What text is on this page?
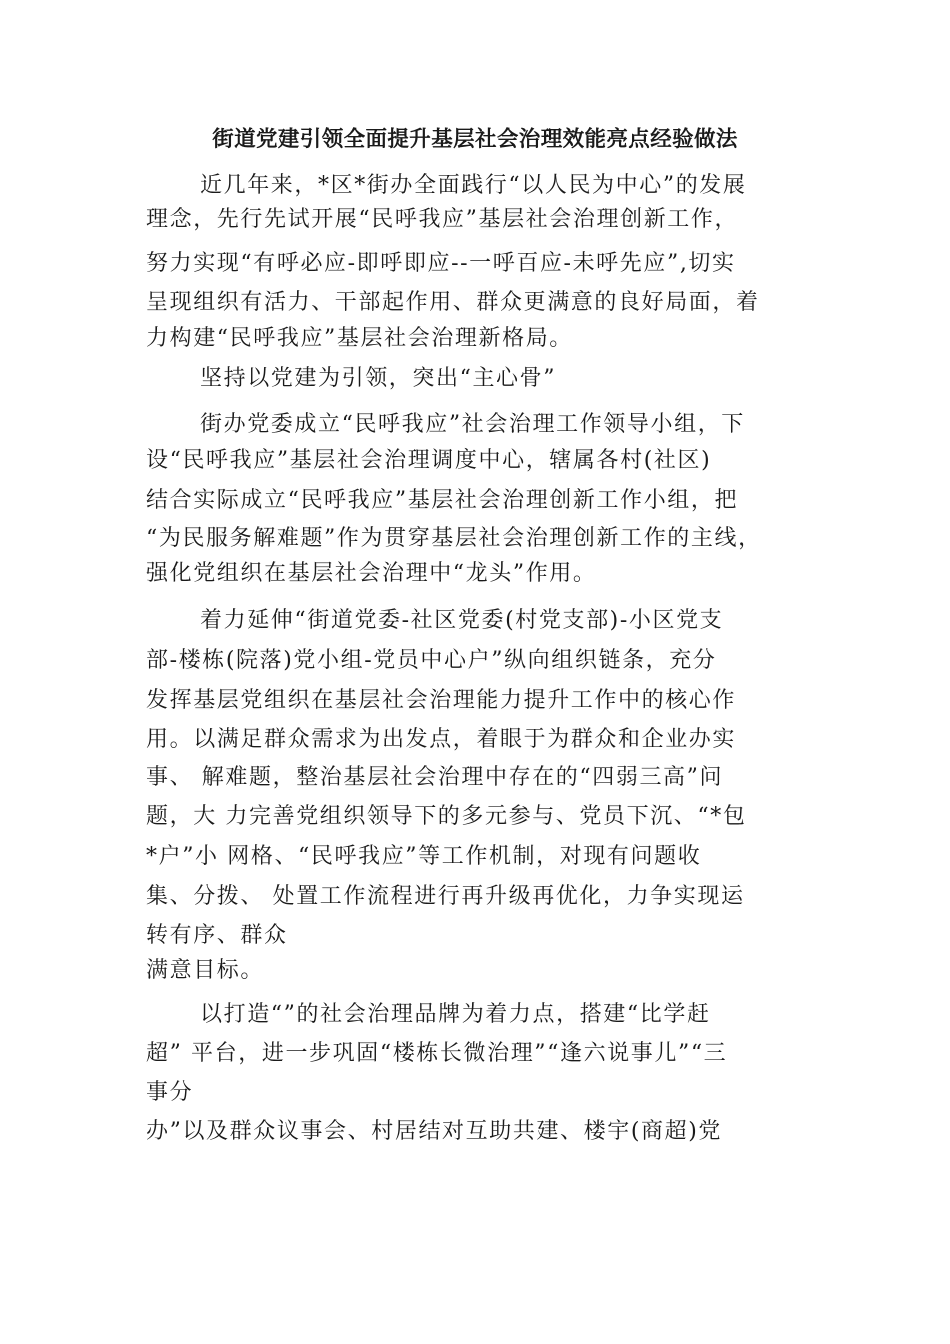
街道党建引领全面提升基层社会治理效能亮点经验做法
近几年来，*区*街办全面践行“以人民为中心”的发展
理念，先行先试开展“民呼我应”基层社会治理创新工作，
努力实现“有呼必应-即呼即应--一呼百应-未呼先应”,切实
呈现组织有活力、干部起作用、群众更满意的良好局面，着
力构建“民呼我应”基层社会治理新格局。
坚持以党建为引领，突出“主心骨”
街办党委成立“民呼我应”社会治理工作领导小组，下
设“民呼我应”基层社会治理调度中心，辖属各村(社区)
结合实际成立“民呼我应”基层社会治理创新工作小组，把
“为民服务解难题”作为贯穿基层社会治理创新工作的主线，
强化党组织在基层社会治理中“龙头”作用。
着力延伸“街道党委-社区党委(村党支部)-小区党支
部-楼栋(院落)党小组-党员中心户”纵向组织链条，充分
发挥基层党组织在基层社会治理能力提升工作中的核心作
用。以满足群众需求为出发点，着眼于为群众和企业办实
事、 解难题，整治基层社会治理中存在的“四弱三高”问
题，大 力完善党组织领导下的多元参与、党员下沉、“*包
*户”小 网格、“民呼我应”等工作机制，对现有问题收
集、分拨、 处置工作流程进行再升级再优化，力争实现运
转有序、群众
满意目标。
以打造“”的社会治理品牌为着力点，搭建“比学赶
超” 平台，进一步巩固“楼栋长微治理”“逢六说事儿”“三
事分
办”以及群众议事会、村居结对互助共建、楼宇(商超)党
